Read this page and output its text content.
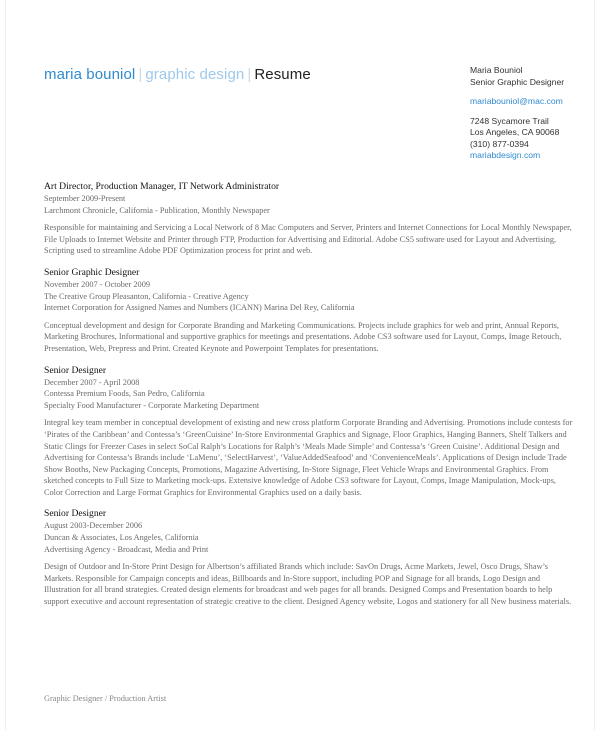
maria bouniol | graphic design | Resume	Maria Bouniol
Senior Graphic Designer
mariabouniol@mac.com
7248 Sycamore Trail
Los Angeles, CA 90068
(310) 877-0394
mariabdesign.com
Art Director, Production Manager, IT Network Administrator
September 2009-Present
Larchmont Chronicle, California - Publication, Monthly Newspaper
Responsible for maintaining and Servicing a Local Network of 8 Mac Computers and Server, Printers and Internet Connections for Local Monthly Newspaper, File Uploads to Internet Website and Printer through FTP, Production for Advertising and Editorial. Adobe CS5 software used for Layout and Advertising, Scripting used to streamline Adobe PDF Optimization process for print and web.
Senior Graphic Designer
November 2007 - October 2009
The Creative Group Pleasanton, California - Creative Agency
Internet Corporation for Assigned Names and Numbers (ICANN) Marina Del Rey, California
Conceptual development and design for Corporate Branding and Marketing Communications. Projects include graphics for web and print, Annual Reports, Marketing Brochures, Informational and supportive graphics for meetings and presentations. Adobe CS3 software used for Layout, Comps, Image Retouch, Presentation, Web, Prepress and Print. Created Keynote and Powerpoint Templates for presentations.
Senior Designer
December 2007 - April 2008
Contessa Premium Foods, San Pedro, California
Specialty Food Manufacturer - Corporate Marketing Department
Integral key team member in conceptual development of existing and new cross platform Corporate Branding and Advertising. Promotions include contests for ‘Pirates of the Caribbean’ and Contessa’s ‘GreenCuisine’ In-Store Environmental Graphics and Signage, Floor Graphics, Hanging Banners, Shelf Talkers and Static Clings for Freezer Cases in select SoCal Ralph’s Locations for Ralph’s ‘Meals Made Simple’ and Contessa’s ‘Green Cuisine’. Additional Design and Advertising for Contessa’s Brands include ‘LaMenu’, ‘SelectHarvest’, ‘ValueAddedSeafood’ and ‘ConvenienceMeals’. Applications of Design include Trade Show Booths, New Packaging Concepts, Promotions, Magazine Advertising, In-Store Signage, Fleet Vehicle Wraps and Environmental Graphics. From sketched concepts to Full Size to Marketing mock-ups. Extensive knowledge of Adobe CS3 software for Layout, Comps, Image Manipulation, Mock-ups, Color Correction and Large Format Graphics for Environmental Graphics used on a daily basis.
Senior Designer
August 2003-December 2006
Duncan & Associates, Los Angeles, California
Advertising Agency - Broadcast, Media and Print
Design of Outdoor and In-Store Print Design for Albertson’s affiliated Brands which include: SavOn Drugs, Acme Markets, Jewel, Osco Drugs, Shaw’s Markets. Responsible for Campaign concepts and ideas, Billboards and In-Store support, including POP and Signage for all brands, Logo Design and Illustration for all brand strategies. Created design elements for broadcast and web pages for all brands. Designed Comps and Presentation boards to help support executive and account representation of strategic creative to the client. Designed Agency website, Logos and stationery for all New business materials.
Graphic Designer / Production Artist
